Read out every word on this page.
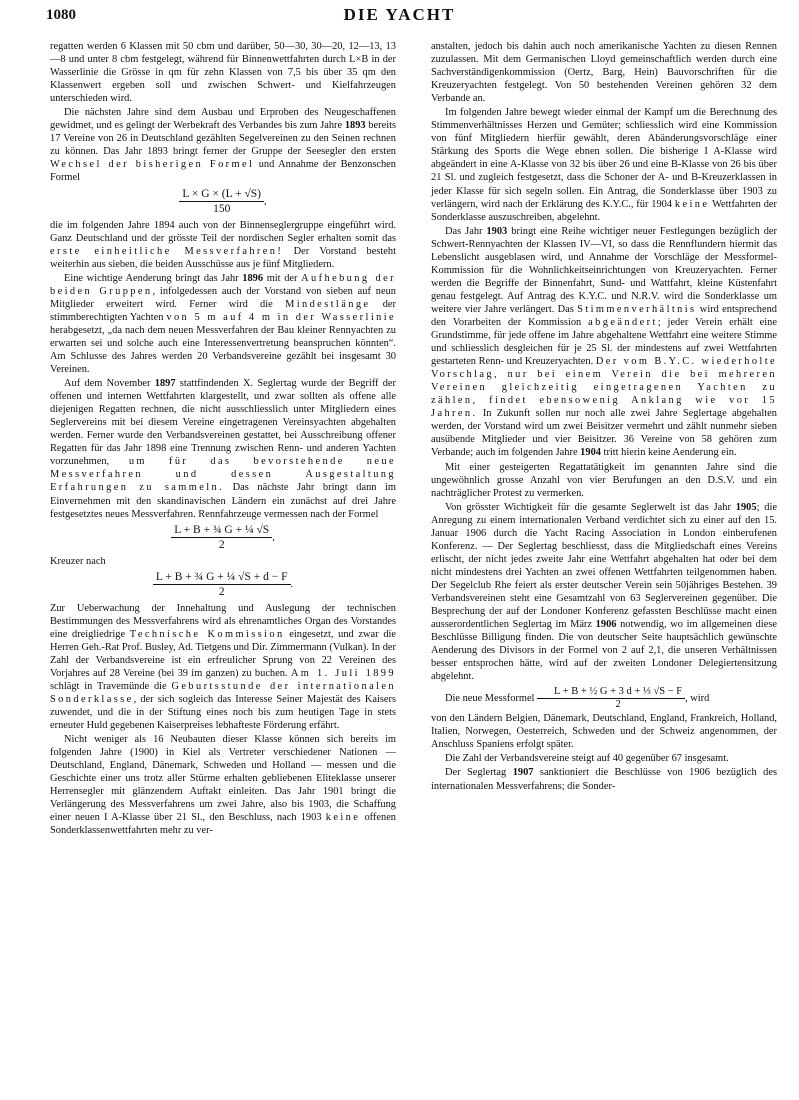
1080	DIE YACHT

regatten werden 6 Klassen mit 50 cbm und darüber, 50—30, 30—20, 12—13, 13—8 und unter 8 cbm festgelegt, während für Binnenwettfahrten durch L×B in der Wasserlinie die Grösse in qm für zehn Klassen von 7,5 bis über 35 qm den Klassenwert ergeben soll und zwischen Schwert- und Kielfahrzeugen unterschieden wird.

Die nächsten Jahre sind dem Ausbau und Erproben des Neugeschaffenen gewidmet, und es gelingt der Werbekraft des Verbandes bis zum Jahre 1893 bereits 17 Vereine von 26 in Deutschland gezählten Segelvereinen zu den Seinen rechnen zu können. Das Jahr 1893 bringt ferner der Gruppe der Seesegler den ersten Wechsel der bisherigen Formel und Annahme der Benzonschen Formel

$\frac{L \times G \times (L + √S)}{150}$ ,

die im folgenden Jahre 1894 auch von der Binnenseglergruppe eingeführt wird. Ganz Deutschland und der grösste Teil der nordischen Segler erhalten somit das erste einheitliche Messverfahren! Der Vorstand besteht weiterhin aus sieben, die beiden Ausschüsse aus je fünf Mitgliedern.

Eine wichtige Aenderung bringt das Jahr 1896 mit der Aufhebung der beiden Gruppen, infolgedessen auch der Vorstand von sieben auf neun Mitglieder erweitert wird. Ferner wird die Mindestlänge der stimmberechtigten Yachten von 5 m auf 4 m in der Wasserlinie herabgesetzt, „da nach dem neuen Messverfahren der Bau kleiner Rennyachten zu erwarten sei und solche auch eine Interessenvertretung beanspruchen könnten“. Am Schlusse des Jahres werden 20 Verbandsvereine gezählt bei insgesamt 30 Vereinen.

Auf dem November 1897 stattfindenden X. Seglertag wurde der Begriff der offenen und internen Wettfahrten klargestellt, und zwar sollten als offene alle diejenigen Regatten rechnen, die nicht ausschliesslich unter Mitgliedern eines Seglervereins mit bei diesem Vereine eingetragenen Vereinsyachten abgehalten werden. Ferner wurde den Verbandsvereinen gestattet, bei Ausschreibung offener Regatten für das Jahr 1898 eine Trennung zwischen Renn- und anderen Yachten vorzunehmen, um für das bevorstehende neue Messverfahren und dessen Ausgestaltung Erfahrungen zu sammeln. Das nächste Jahr bringt dann im Einvernehmen mit den skandinavischen Ländern ein zunächst auf drei Jahre festgesetztes neues Messverfahren. Rennfahrzeuge vermessen nach der Formel

$\frac{\text{L + B + ¾ G + ¼ √S}}{2}$ ,

Kreuzer nach

$\frac{\text{L + B + ¾ G + ¼ √S + d − F}}{2}$ .

Zur Ueberwachung der Innehaltung und Auslegung der technischen Bestimmungen des Messverfahrens wird als ehrenamtliches Organ des Vorstandes eine dreigliedrige Technische Kommission eingesetzt, und zwar die Herren Geh.-Rat Prof. Busley, Ad. Tietgens und Dir. Zimmermann (Vulkan). In der Zahl der Verbandsvereine ist ein erfreulicher Sprung von 22 Vereinen des Vorjahres auf 28 Vereine (bei 39 im ganzen) zu buchen. Am 1. Juli 1899 schlägt in Travemünde die Geburtsstunde der internationalen Sonderklasse, der sich sogleich das Interesse Seiner Majestät des Kaisers zuwendet, und die in der Stiftung eines noch bis zum heutigen Tage in stets erneuter Huld gegebenen Kaiserpreises lebhafteste Förderung erfährt.

Nicht weniger als 16 Neubauten dieser Klasse können sich bereits im folgenden Jahre (1900) in Kiel als Vertreter verschiedener Nationen — Deutschland, England, Dänemark, Schweden und Holland — messen und die Geschichte einer uns trotz aller Stürme erhalten gebliebenen Eliteklasse unserer Herrensegler mit glänzendem Auftakt einleiten. Das Jahr 1901 bringt die Verlängerung des Messverfahrens um zwei Jahre, also bis 1903, die Schaffung einer neuen I A-Klasse über 21 Sl., den Beschluss, nach 1903 keine offenen Sonderklassenwettfahrten mehr zu ver-

anstalten, jedoch bis dahin auch noch amerikanische Yachten zu diesen Rennen zuzulassen. Mit dem Germanischen Lloyd gemeinschaftlich werden durch eine Sachverständigenkommission (Oertz, Barg, Hein) Bauvorschriften für die Kreuzeryachten festgelegt. Von 50 bestehenden Vereinen gehören 32 dem Verbande an.

Im folgenden Jahre bewegt wieder einmal der Kampf um die Berechnung des Stimmenverhältnisses Herzen und Gemüter; schliesslich wird eine Kommission von fünf Mitgliedern hierfür gewählt, deren Abänderungsvorschläge einer Stärkung des Sports die Wege ebnen sollen. Die bisherige I A-Klasse wird abgeändert in eine A-Klasse von 32 bis über 26 und eine B-Klasse von 26 bis über 21 Sl. und zugleich festgesetzt, dass die Schoner der A- und B-Kreuzerklassen in jeder Klasse für sich segeln sollen. Ein Antrag, die Sonderklasse über 1903 zu verlängern, wird nach der Erklärung des K.Y.C., für 1904 keine Wettfahrten der Sonderklasse auszuschreiben, abgelehnt.

Das Jahr 1903 bringt eine Reihe wichtiger neuer Festlegungen bezüglich der Schwert-Rennyachten der Klassen IV—VI, so dass die Rennflundern hiermit das Lebenslicht ausgeblasen wird, und Annahme der Vorschläge der Messformel-Kommission für die Wohnlichkeitseinrichtungen von Kreuzeryachten. Ferner werden die Begriffe der Binnenfahrt, Sund- und Wattfahrt, kleine Küstenfahrt genau festgelegt. Auf Antrag des K.Y.C. und N.R.V. wird die Sonderklasse um weitere vier Jahre verlängert. Das Stimmenverhältnis wird entsprechend den Vorarbeiten der Kommission abgeändert; jeder Verein erhält eine Grundstimme, für jede offene im Jahre abgehaltene Wettfahrt eine weitere Stimme und schliesslich desgleichen für je 25 Sl. der mindestens auf zwei Wettfahrten gestarteten Renn- und Kreuzeryachten. Der vom B.Y.C. wiederholte Vorschlag, nur bei einem Verein die bei mehreren Vereinen gleichzeitig eingetragenen Yachten zu zählen, findet ebensowenig Anklang wie vor 15 Jahren. In Zukunft sollen nur noch alle zwei Jahre Seglertage abgehalten werden, der Vorstand wird um zwei Beisitzer vermehrt und zählt nunmehr sieben ausübende Mitglieder und vier Beisitzer. 36 Vereine von 58 gehören zum Verbande; auch im folgenden Jahre 1904 tritt hierin keine Aenderung ein.

Mit einer gesteigerten Regattatätigkeit im genannten Jahre sind die ungewöhnlich grosse Anzahl von vier Berufungen an den D.S.V. und ein nachträglicher Protest zu vermerken.

Von grösster Wichtigkeit für die gesamte Seglerwelt ist das Jahr 1905; die Anregung zu einem internationalen Verband verdichtet sich zu einer auf den 15. Januar 1906 durch die Yacht Racing Association in London einberufenen Konferenz. — Der Seglertag beschliesst, dass die Mitgliedschaft eines Vereins erlischt, der nicht jedes zweite Jahr eine Wettfahrt abgehalten hat oder bei dem nicht mindestens drei Yachten an zwei offenen Wettfahrten teilgenommen haben. Der Segelclub Rhe feiert als erster deutscher Verein sein 50jähriges Bestehen. 39 Verbandsvereinen steht eine Gesamtzahl von 63 Seglervereinen gegenüber. Die Besprechung der auf der Londoner Konferenz gefassten Beschlüsse macht einen ausserordentlichen Seglertag im März 1906 notwendig, wo im allgemeinen diese Beschlüsse Billigung finden. Die von deutscher Seite hauptsächlich gewünschte Aenderung des Divisors in der Formel von 2 auf 2,1, die unseren Verhältnissen besser entsprochen hätte, wird auf der zweiten Londoner Delegiertensitzung abgelehnt.

Die neue Messformel $\frac{\text{L + B + ½ G + 3 d + ⅓ √S − F}}{2}$ , wird

von den Ländern Belgien, Dänemark, Deutschland, England, Frankreich, Holland, Italien, Norwegen, Oesterreich, Schweden und der Schweiz angenommen, der Anschluss Spaniens erfolgt später.

Die Zahl der Verbandsvereine steigt auf 40 gegenüber 67 insgesamt.

Der Seglertag 1907 sanktioniert die Beschlüsse von 1906 bezüglich des internationalen Messverfahrens; die Sonder-
